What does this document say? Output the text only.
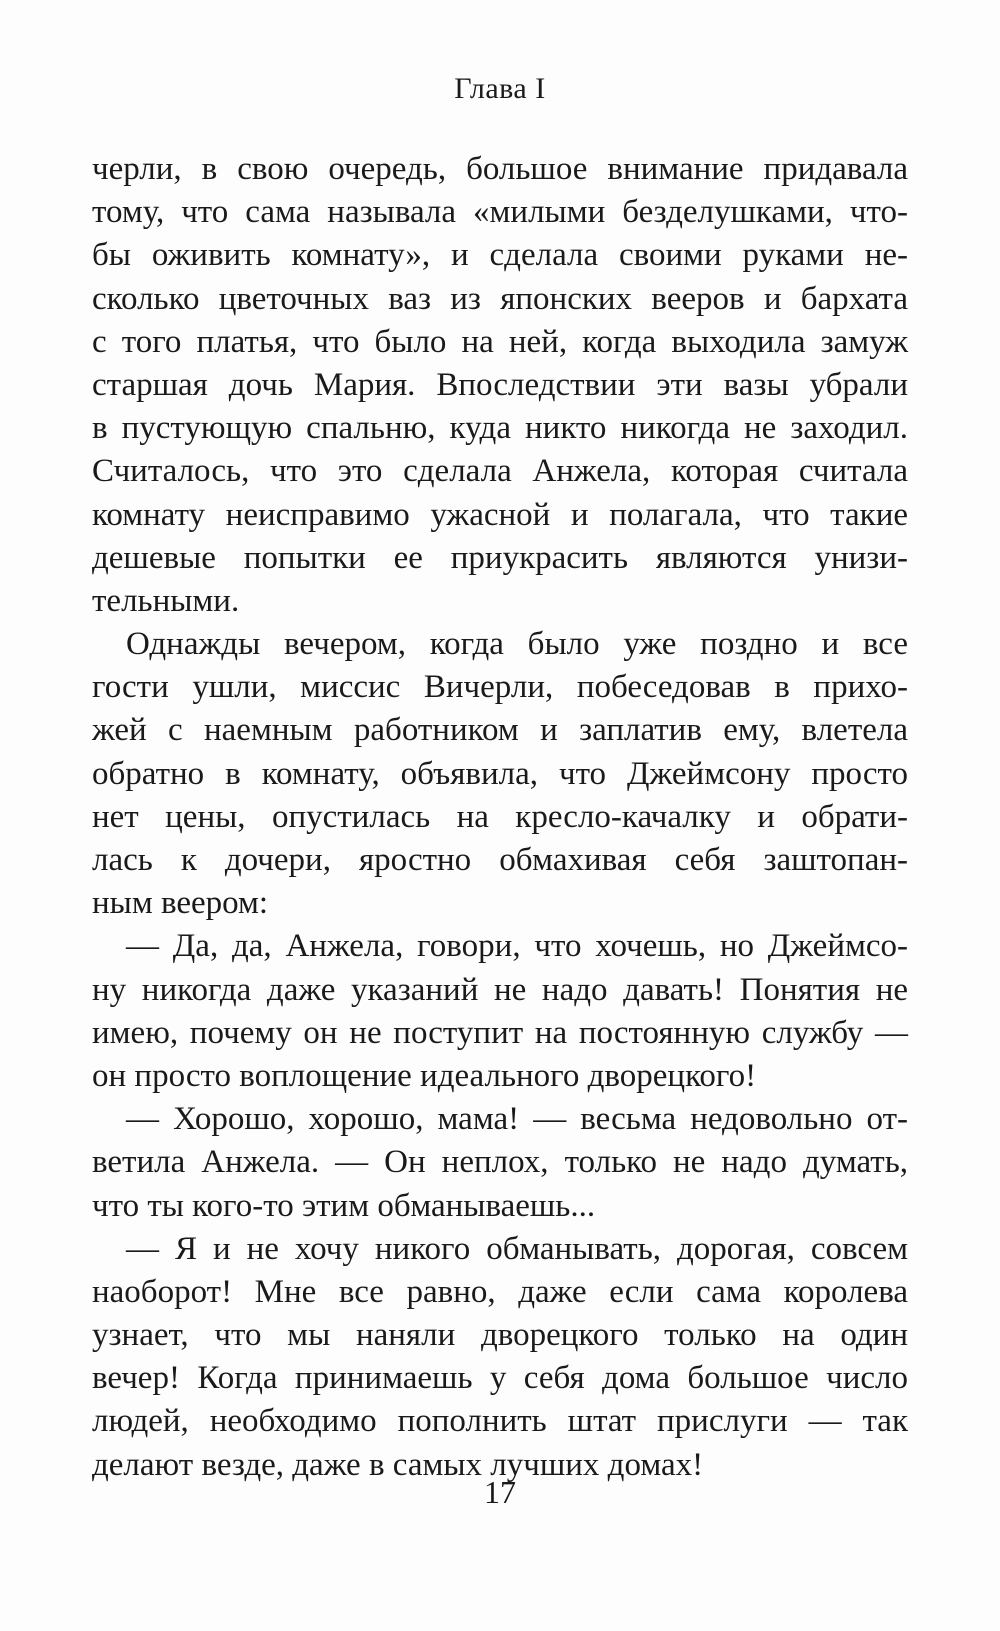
Глава I
черли, в свою очередь, большое внимание придавала
тому, что сама называла «милыми безделушками, что-
бы оживить комнату», и сделала своими руками не-
сколько цветочных ваз из японских вееров и бархата
с того платья, что было на ней, когда выходила замуж
старшая дочь Мария. Впоследствии эти вазы убрали
в пустующую спальню, куда никто никогда не заходил.
Считалось, что это сделала Анжела, которая считала
комнату неисправимо ужасной и полагала, что такие
дешевые попытки ее приукрасить являются унизи-
тельными.
Однажды вечером, когда было уже поздно и все
гости ушли, миссис Вичерли, побеседовав в прихо-
жей с наемным работником и заплатив ему, влетела
обратно в комнату, объявила, что Джеймсону просто
нет цены, опустилась на кресло-качалку и обрати-
лась к дочери, яростно обмахивая себя заштопан-
ным веером:
— Да, да, Анжела, говори, что хочешь, но Джеймсо-
ну никогда даже указаний не надо давать! Понятия не
имею, почему он не поступит на постоянную службу —
он просто воплощение идеального дворецкого!
— Хорошо, хорошо, мама! — весьма недовольно от-
ветила Анжела. — Он неплох, только не надо думать,
что ты кого-то этим обманываешь...
— Я и не хочу никого обманывать, дорогая, совсем
наоборот! Мне все равно, даже если сама королева
узнает, что мы наняли дворецкого только на один
вечер! Когда принимаешь у себя дома большое число
людей, необходимо пополнить штат прислуги — так
делают везде, даже в самых лучших домах!
17
